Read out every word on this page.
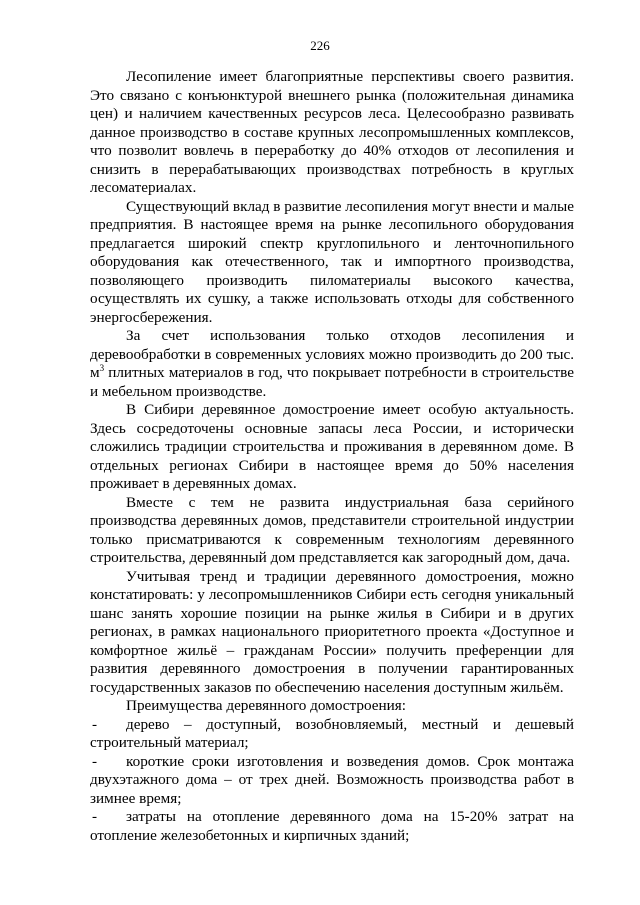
226

Лесопиление имеет благоприятные перспективы своего развития. Это связано с конъюнктурой внешнего рынка (положительная динамика цен) и наличием качественных ресурсов леса. Целесообразно развивать данное производство в составе крупных лесопромышленных комплексов, что позволит вовлечь в переработку до 40% отходов от лесопиления и снизить в перерабатывающих производствах потребность в круглых лесоматериалах.

Существующий вклад в развитие лесопиления могут внести и малые предприятия. В настоящее время на рынке лесопильного оборудования предлагается широкий спектр круглопильного и ленточнопильного оборудования как отечественного, так и импортного производства, позволяющего производить пиломатериалы высокого качества, осуществлять их сушку, а также использовать отходы для собственного энергосбережения.

За счет использования только отходов лесопиления и деревообработки в современных условиях можно производить до 200 тыс. $м^3$ плитных материалов в год, что покрывает потребности в строительстве и мебельном производстве.

В Сибири деревянное домостроение имеет особую актуальность. Здесь сосредоточены основные запасы леса России, и исторически сложились традиции строительства и проживания в деревянном доме. В отдельных регионах Сибири в настоящее время до 50% населения проживает в деревянных домах.

Вместе с тем не развита индустриальная база серийного производства деревянных домов, представители строительной индустрии только присматриваются к современным технологиям деревянного строительства, деревянный дом представляется как загородный дом, дача.

Учитывая тренд и традиции деревянного домостроения, можно констатировать: у лесопромышленников Сибири есть сегодня уникальный шанс занять хорошие позиции на рынке жилья в Сибири и в других регионах, в рамках национального приоритетного проекта «Доступное и комфортное жильё – гражданам России» получить преференции для развития деревянного домостроения в получении гарантированных государственных заказов по обеспечению населения доступным жильём.

Преимущества деревянного домостроения:

- дерево – доступный, возобновляемый, местный и дешевый строительный материал;

- короткие сроки изготовления и возведения домов. Срок монтажа двухэтажного дома – от трех дней. Возможность производства работ в зимнее время;

- затраты на отопление деревянного дома на 15-20% затрат на отопление железобетонных и кирпичных зданий;
